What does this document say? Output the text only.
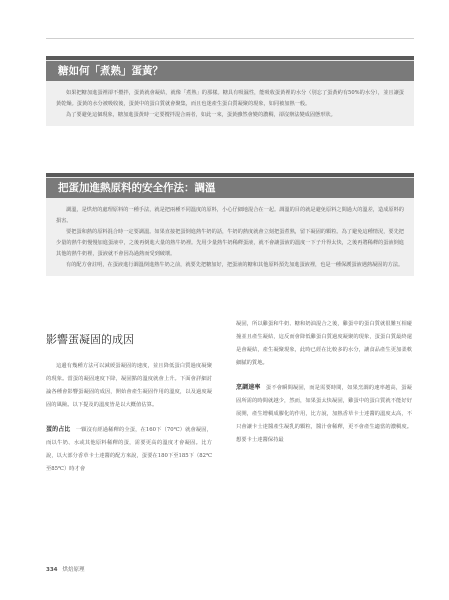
糖如何「煮熟」蛋黃？

如果把糖加進蛋裡卻不攪拌，蛋黃就會凝結，就像「煮熟」的那樣。糖具有吸濕性，能吸收蛋黃裡的水分（別忘了蛋黃約有50%的水分），並且讓蛋黃乾燥。蛋黃的水分被吸收後，蛋黃中的蛋白質就會聚集，而且也迷產生蛋白質凝聚的現象，如同被加熱一般。

為了要避免這個現象，糖加進蛋黃時一定要攪拌混合兩者，如此一來，蛋黃雖然會變的濃稠，卻沒辦法變成固態形狀。

把蛋加進熱原料的安全作法：調溫

調溫，是烘焙的處理原料的一種手法，就是把兩種不同溫度的原料，小心仔細地混合在一起。調溫的目的就是避免原料之間過大的溫差，造成原料的損害。

要把蛋和熱的原料混合時一定要調溫。如果直接把蛋倒進熱牛奶的話，牛奶的熱度就會立刻把蛋煮熟，留下凝固的顆粒。為了避免這種情況，要先把少量的熱牛奶慢慢加進蛋液中，之後再倒進大量的熱牛奶裡。先用少量熱牛奶稀釋蛋液，就不會讓蛋液的溫度一下子升得太快，之後再將稀釋的蛋液倒進其他的熱牛奶裡，蛋液就不會因為過熱而受到破壞。

有的配方會註明，在蛋液進行調溫倒進熱牛奶之前，就要先把糖加好，把蛋液的糖和其他原料預先加進蛋液裡，也是一種保護蛋液遇熱凝固的方法。

影響蛋凝固的成因

這邊有幾種方法可以減緩蛋凝固的速度，並且降低蛋白質過度凝聚的現象。當蛋的凝固速度下降，凝固點的溫度就會上升。下面會詳細討論各種會影響蛋凝固的成因，開始會產生凝固作用的溫度，以及過度凝固的風險。以下提及的溫度皆是以大概值估算。

蛋的占比　 一顆沒有經過稀釋的全蛋，在160下（70℃）就會凝固，而以牛奶、水或其他原料稀釋的蛋，需要更高的溫度才會凝固。比方說，以大部分香草卡士達醬的配方來說，蛋要在180下至185下（82℃至85℃）時才會

凝固，所以雞蛋和牛奶、糖和奶油混合之後，雞蛋中的蛋白質就很難互相碰撞並且產生凝結，這反而會降低雞蛋白質過度凝聚的現象，蛋蛋白質最終還是會凝結，產生凝聚現象，此時已經在比較多的水分，讓食品產生更加柔軟細膩的質地。

烹調速率　 蛋不會瞬間凝固，而是需要時間，如果烹調的速率越高，蛋凝固所需的時間就越少，然而，如果蛋太快凝固，雞蛋中的蛋白質就不能好好展開，產生增稠成膠化的作用，比方說，加熱香草卡士達醬的溫度太高，不只會讓卡士達醬產生凝乳的顆粒，醬汁會稀釋，更不會產生適當的濃稠度。想要卡士達醬保持最

334 烘焙原理
